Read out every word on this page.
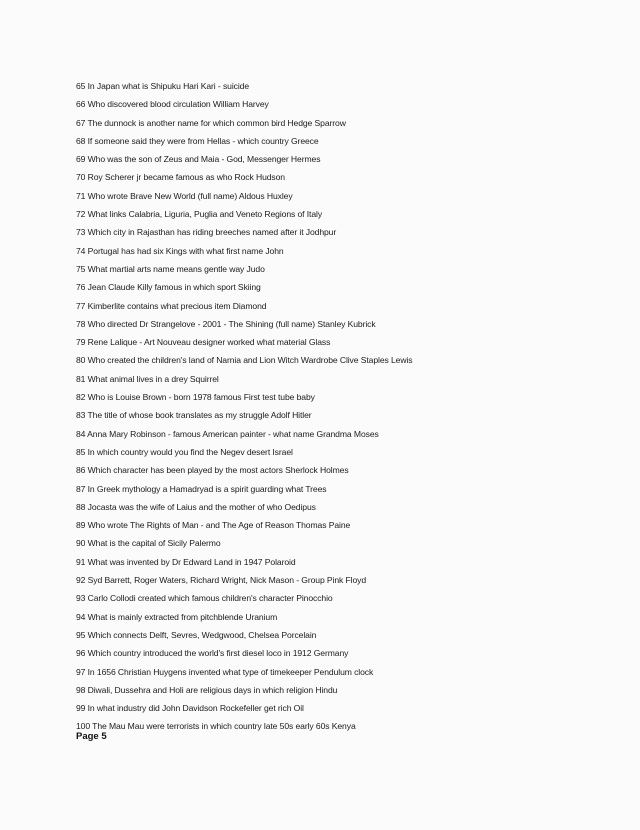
65 In Japan what is Shipuku Hari Kari - suicide
66 Who discovered blood circulation William Harvey
67 The dunnock is another name for which common bird Hedge Sparrow
68 If someone said they were from Hellas - which country Greece
69 Who was the son of Zeus and Maia - God, Messenger Hermes
70 Roy Scherer jr became famous as who Rock Hudson
71 Who wrote Brave New World (full name) Aldous Huxley
72 What links Calabria, Liguria, Puglia and Veneto Regions of Italy
73 Which city in Rajasthan has riding breeches named after it Jodhpur
74 Portugal has had six Kings with what first name John
75 What martial arts name means gentle way Judo
76 Jean Claude Killy famous in which sport Skiing
77 Kimberlite contains what precious item Diamond
78 Who directed Dr Strangelove - 2001 - The Shining (full name) Stanley Kubrick
79 Rene Lalique - Art Nouveau designer worked what material Glass
80 Who created the children's land of Narnia and Lion Witch Wardrobe Clive Staples Lewis
81 What animal lives in a drey Squirrel
82 Who is Louise Brown - born 1978 famous First test tube baby
83 The title of whose book translates as my struggle Adolf Hitler
84 Anna Mary Robinson - famous American painter - what name Grandma Moses
85 In which country would you find the Negev desert Israel
86 Which character has been played by the most actors Sherlock Holmes
87 In Greek mythology a Hamadryad is a spirit guarding what Trees
88 Jocasta was the wife of Laius and the mother of who Oedipus
89 Who wrote The Rights of Man - and The Age of Reason Thomas Paine
90 What is the capital of Sicily Palermo
91 What was invented by Dr Edward Land in 1947 Polaroid
92 Syd Barrett, Roger Waters, Richard Wright, Nick Mason - Group Pink Floyd
93 Carlo Collodi created which famous children's character Pinocchio
94 What is mainly extracted from pitchblende Uranium
95 Which connects Delft, Sevres, Wedgwood, Chelsea Porcelain
96 Which country introduced the world's first diesel loco in 1912 Germany
97 In 1656 Christian Huygens invented what type of timekeeper Pendulum clock
98 Diwali, Dussehra and Holi are religious days in which religion Hindu
99 In what industry did John Davidson Rockefeller get rich Oil
100 The Mau Mau were terrorists in which country late 50s early 60s Kenya
Page 5
